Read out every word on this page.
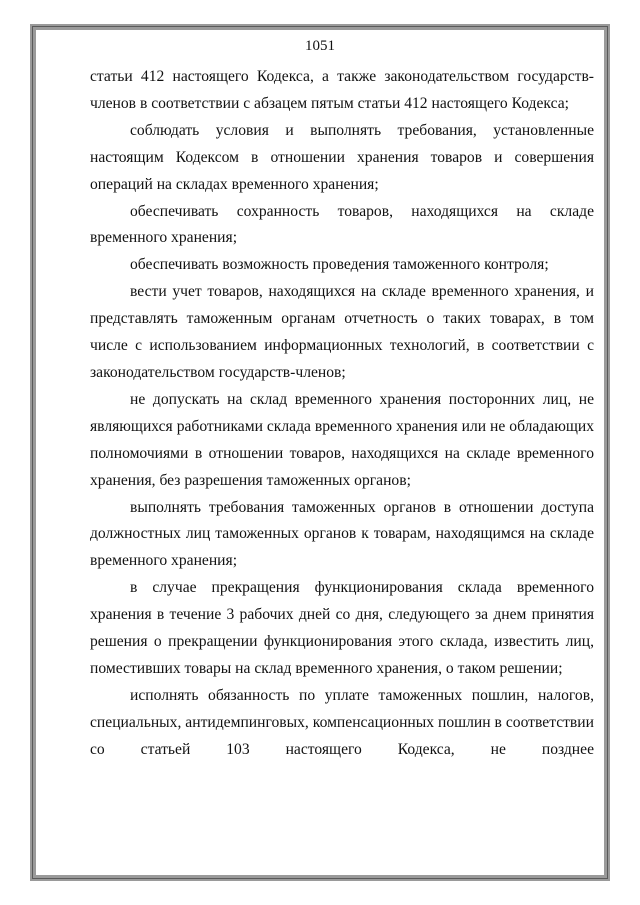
1051

статьи 412 настоящего Кодекса, а также законодательством государств-членов в соответствии с абзацем пятым статьи 412 настоящего Кодекса;

соблюдать условия и выполнять требования, установленные настоящим Кодексом в отношении хранения товаров и совершения операций на складах временного хранения;

обеспечивать сохранность товаров, находящихся на складе временного хранения;

обеспечивать возможность проведения таможенного контроля;

вести учет товаров, находящихся на складе временного хранения, и представлять таможенным органам отчетность о таких товарах, в том числе с использованием информационных технологий, в соответствии с законодательством государств-членов;

не допускать на склад временного хранения посторонних лиц, не являющихся работниками склада временного хранения или не обладающих полномочиями в отношении товаров, находящихся на складе временного хранения, без разрешения таможенных органов;

выполнять требования таможенных органов в отношении доступа должностных лиц таможенных органов к товарам, находящимся на складе временного хранения;

в случае прекращения функционирования склада временного хранения в течение 3 рабочих дней со дня, следующего за днем принятия решения о прекращении функционирования этого склада, известить лиц, поместивших товары на склад временного хранения, о таком решении;

исполнять обязанность по уплате таможенных пошлин, налогов, специальных, антидемпинговых, компенсационных пошлин в соответствии со статьей 103 настоящего Кодекса, не позднее
